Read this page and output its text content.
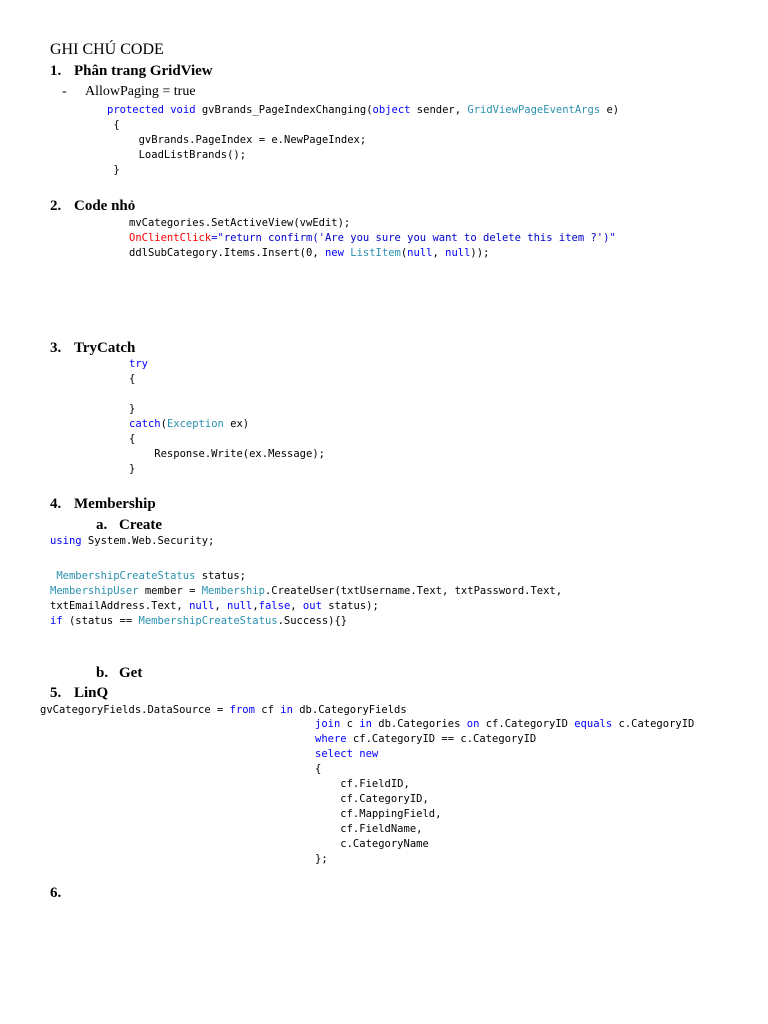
GHI CHÚ CODE
1. Phân trang GridView
- AllowPaging = true
protected void gvBrands_PageIndexChanging(object sender, GridViewPageEventArgs e)
{
gvBrands.PageIndex = e.NewPageIndex;
LoadListBrands();
}
2. Code nhỏ
mvCategories.SetActiveView(vwEdit);
OnClientClick="return confirm('Are you sure you want to delete this item ?')"
ddlSubCategory.Items.Insert(0, new ListItem(null, null));
3. TryCatch
try
{
}
catch(Exception ex)
{
Response.Write(ex.Message);
}
4. Membership
a. Create
using System.Web.Security;
MembershipCreateStatus status;
MembershipUser member = Membership.CreateUser(txtUsername.Text, txtPassword.Text,
txtEmailAddress.Text, null, null,false, out status);
if (status == MembershipCreateStatus.Success){}
b. Get
5. LinQ
gvCategoryFields.DataSource = from cf in db.CategoryFields
join c in db.Categories on cf.CategoryID equals c.CategoryID
where cf.CategoryID == c.CategoryID
select new
{
cf.FieldID,
cf.CategoryID,
cf.MappingField,
cf.FieldName,
c.CategoryName
};
6.
